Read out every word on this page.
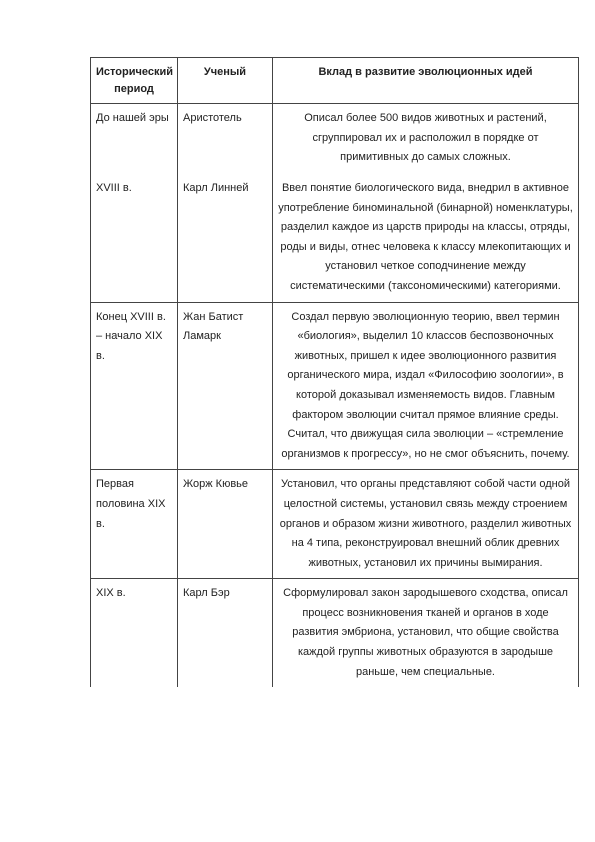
Исторический период	Ученый	Вклад в развитие эволюционных идей

До нашей эры	Аристотель	Описал более 500 видов животных и растений, сгруппировал их и расположил в порядке от примитивных до самых сложных.

XVIII в.	Карл Линней	Ввел понятие биологического вида, внедрил в активное употребление биноминальной (бинарной) номенклатуры, разделил каждое из царств природы на классы, отряды, роды и виды, отнес человека к классу млекопитающих и установил четкое соподчинение между систематическими (таксономическими) категориями.

Конец XVIII в. – начало XIX в.	Жан Батист Ламарк	Создал первую эволюционную теорию, ввел термин «биология», выделил 10 классов беспозвоночных животных, пришел к идее эволюционного развития органического мира, издал «Философию зоологии», в которой доказывал изменяемость видов. Главным фактором эволюции считал прямое влияние среды. Считал, что движущая сила эволюции – «стремление организмов к прогрессу», но не смог объяснить, почему.

Первая половина XIX в.	Жорж Кювье	Установил, что органы представляют собой части одной целостной системы, установил связь между строением органов и образом жизни животного, разделил животных на 4 типа, реконструировал внешний облик древних животных, установил их причины вымирания.

XIX в.	Карл Бэр	Сформулировал закон зародышевого сходства, описал процесс возникновения тканей и органов в ходе развития эмбриона, установил, что общие свойства каждой группы животных образуются в зародыше раньше, чем специальные.
